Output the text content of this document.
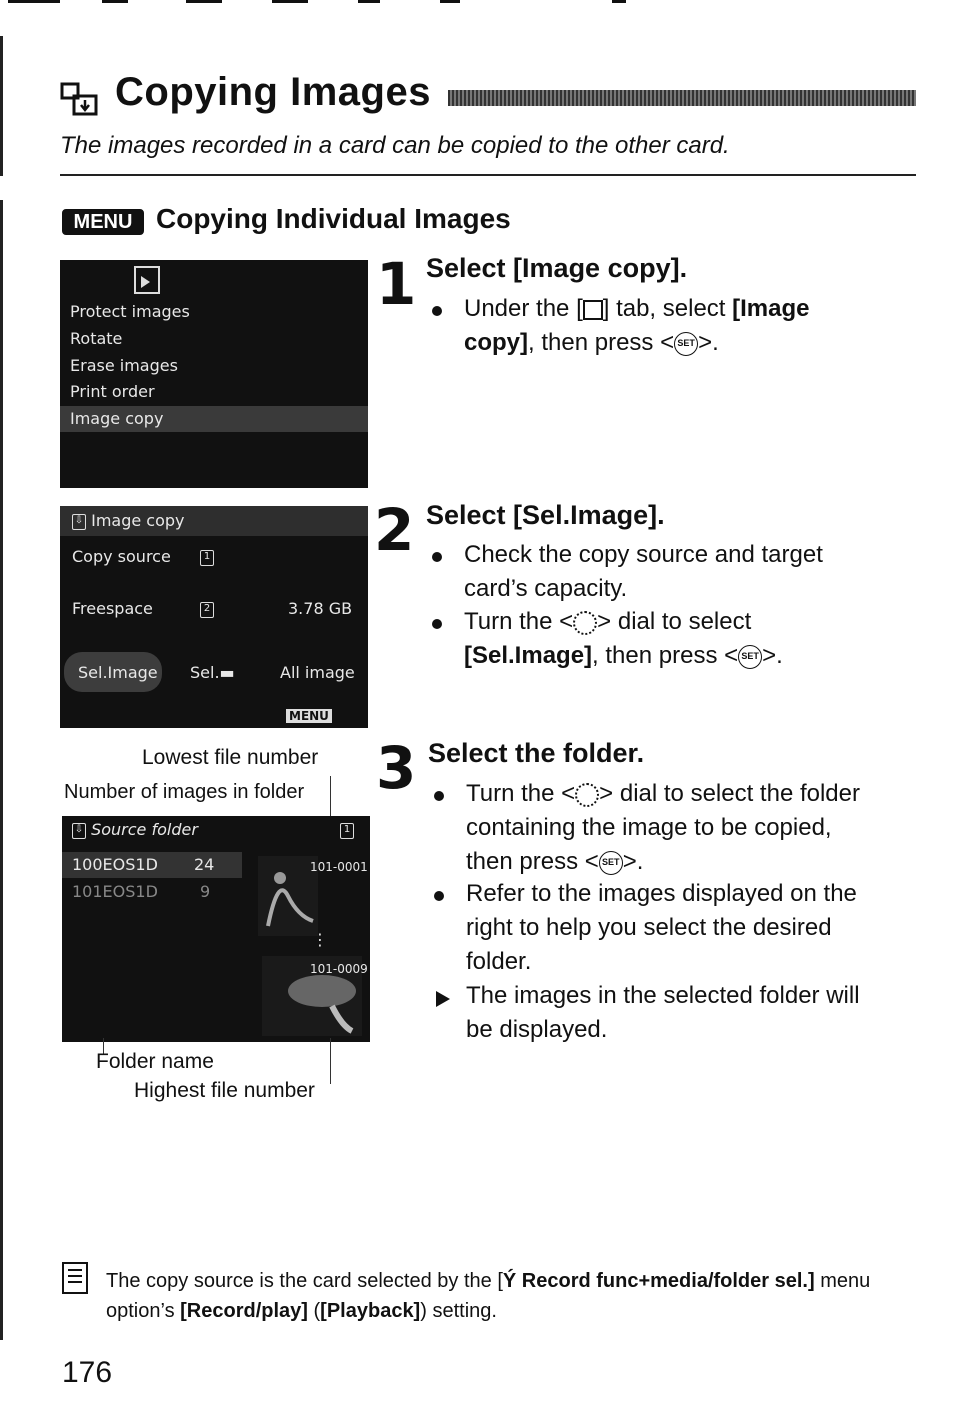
Copying Images
The images recorded in a card can be copied to the other card.
MENU Copying Individual Images
Protect images
Rotate
Erase images
Print order
Image copy
⇩ Image copy
Copy source	1
Freespace	2	3.78 GB
Sel.Image Sel.▬	All image
MENU
Lowest file number
Number of images in folder
⇩ Source folder	1
100EOS1D 24
101EOS1D	9
101-0001
⋮
101-0009
Folder name
Highest file number
1 Select [Image copy].
Under the [ ] tab, select [Image
copy], then press < SET >.
2 Select [Sel.Image].
Check the copy source and target
card’s capacity.
Turn the < > dial to select
[Sel.Image], then press < SET >.
3 Select the folder.
Turn the < > dial to select the folder
containing the image to be copied,
then press < SET >.
Refer to the images displayed on the
right to help you select the desired
folder.
The images in the selected folder will
be displayed.
The copy source is the card selected by the [Ý Record func+media/folder sel.] menu option’s [Record/play] ([Playback]) setting.
176
